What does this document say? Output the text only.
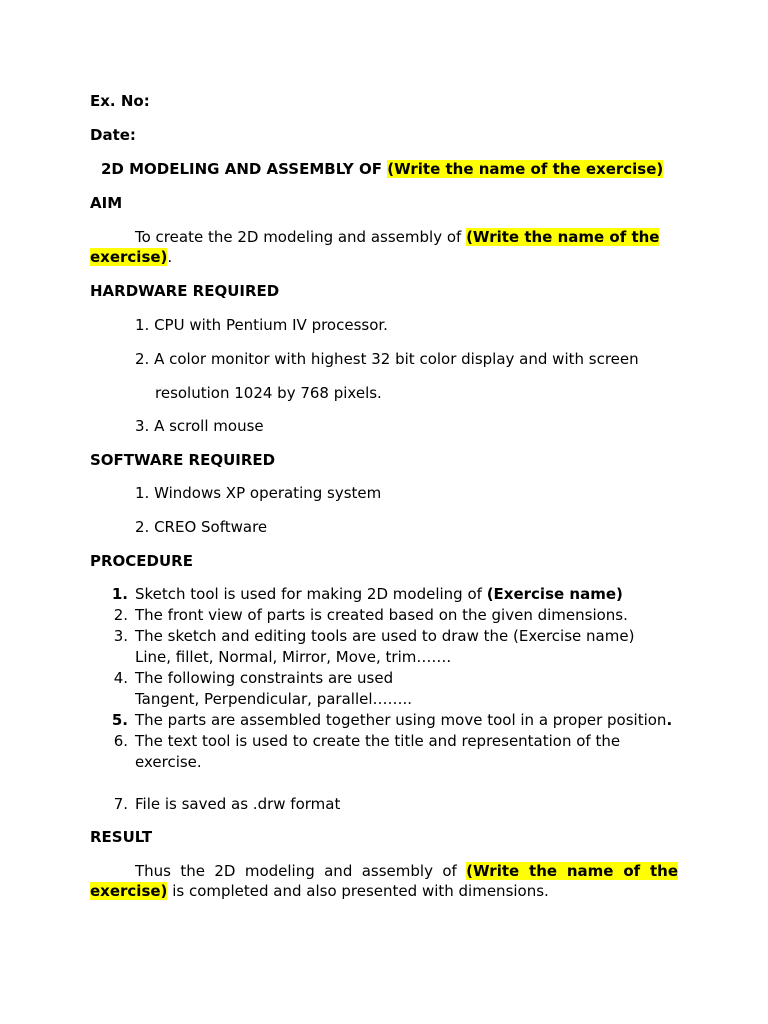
Ex. No:
Date:
2D MODELING AND ASSEMBLY OF (Write the name of the exercise)
AIM
To create the 2D modeling and assembly of (Write the name of the
exercise).
HARDWARE REQUIRED
1. CPU with Pentium IV processor.
2. A color monitor with highest 32 bit color display and with screen
resolution 1024 by 768 pixels.
3. A scroll mouse
SOFTWARE REQUIRED
1. Windows XP operating system
2. CREO Software
PROCEDURE
1. Sketch tool is used for making 2D modeling of (Exercise name)
2. The front view of parts is created based on the given dimensions.
3. The sketch and editing tools are used to draw the (Exercise name)
Line, fillet, Normal, Mirror, Move, trim…….
4. The following constraints are used
Tangent, Perpendicular, parallel……..
5. The parts are assembled together using move tool in a proper position.
6. The text tool is used to create the title and representation of the
exercise.
7. File is saved as .drw format
RESULT
Thus the 2D modeling and assembly of (Write the name of the exercise) is completed and also presented with dimensions.
